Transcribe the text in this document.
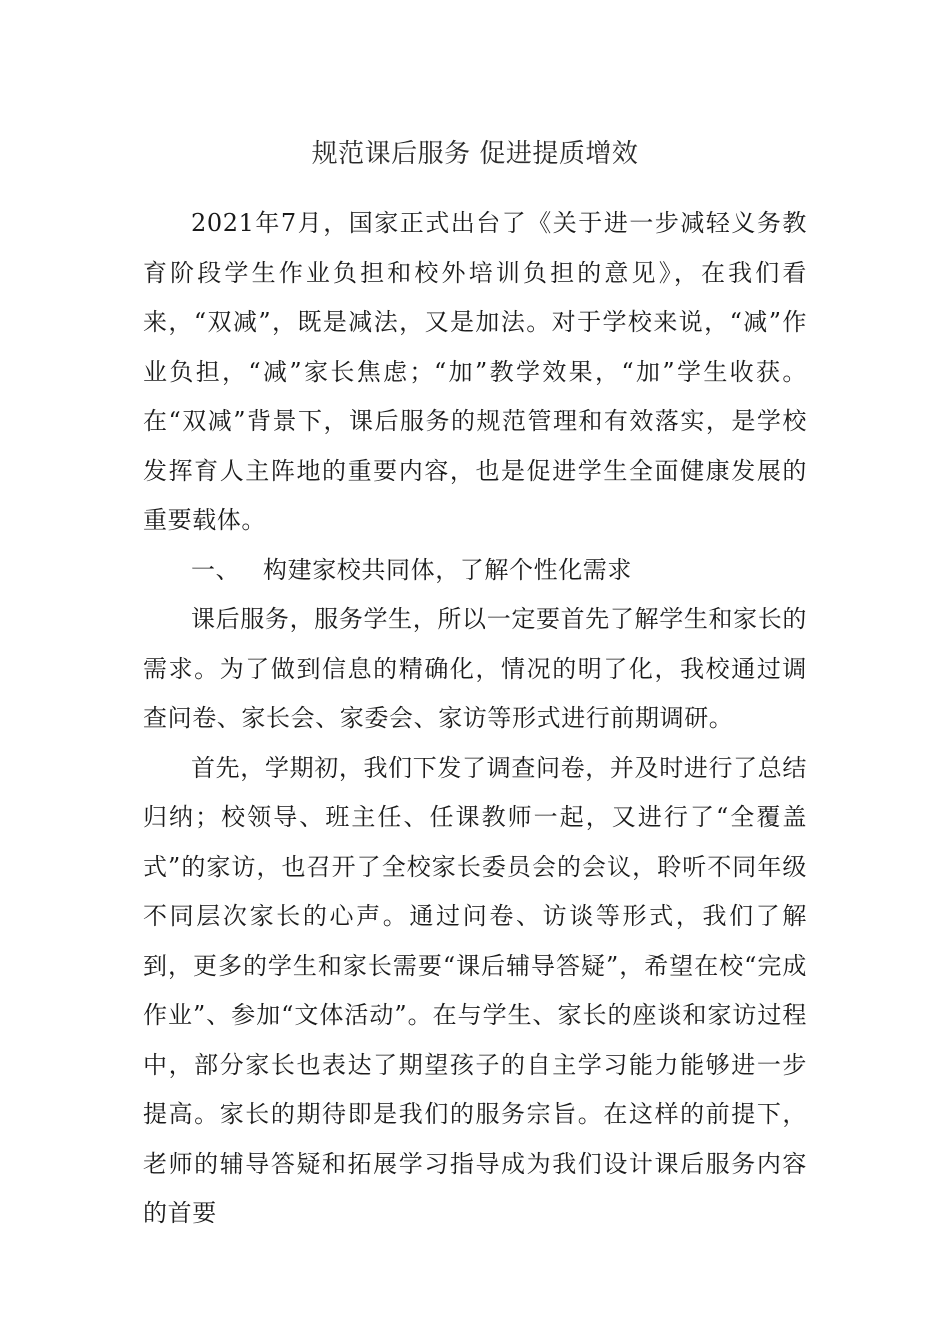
规范课后服务 促进提质增效

2021年7月，国家正式出台了《关于进一步减轻义务教育阶段学生作业负担和校外培训负担的意见》，在我们看来，“双减”，既是减法，又是加法。对于学校来说，“减”作业负担，“减”家长焦虑；“加”教学效果，“加”学生收获。在“双减”背景下，课后服务的规范管理和有效落实，是学校发挥育人主阵地的重要内容，也是促进学生全面健康发展的重要载体。

一、 构建家校共同体，了解个性化需求

课后服务，服务学生，所以一定要首先了解学生和家长的需求。为了做到信息的精确化，情况的明了化，我校通过调查问卷、家长会、家委会、家访等形式进行前期调研。

首先，学期初，我们下发了调查问卷，并及时进行了总结归纳；校领导、班主任、任课教师一起，又进行了“全覆盖式”的家访，也召开了全校家长委员会的会议，聆听不同年级不同层次家长的心声。通过问卷、访谈等形式，我们了解到，更多的学生和家长需要“课后辅导答疑”，希望在校“完成作业”、参加“文体活动”。在与学生、家长的座谈和家访过程中，部分家长也表达了期望孩子的自主学习能力能够进一步提高。家长的期待即是我们的服务宗旨。在这样的前提下，老师的辅导答疑和拓展学习指导成为我们设计课后服务内容的首要
